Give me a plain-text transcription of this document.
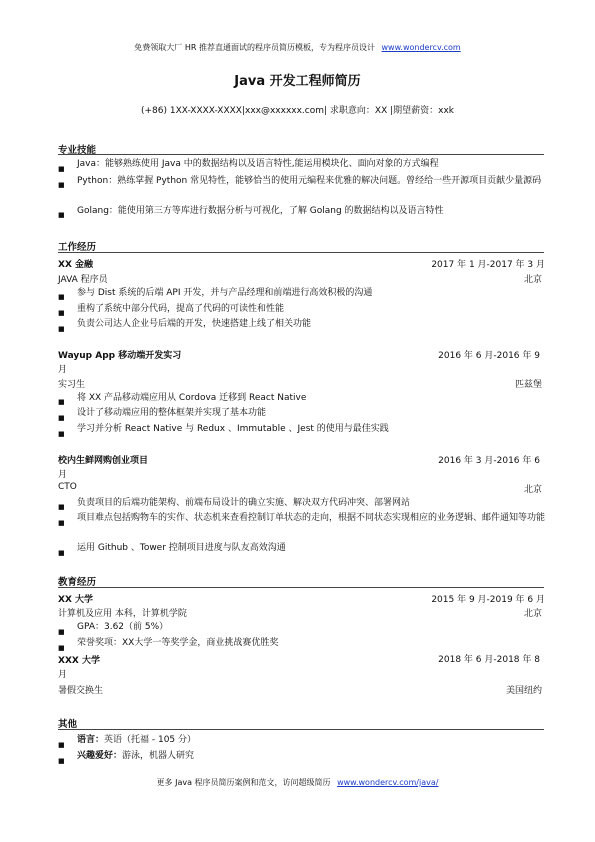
免费领取大厂 HR 推荐直通面试的程序员简历模板，专为程序员设计 www.wondercv.com
Java 开发工程师简历
(+86) 1XX-XXXX-XXXX|xxx@xxxxxx.com| 求职意向：XX |期望薪资：xxk
专业技能
■ Java：能够熟练使用 Java 中的数据结构以及语言特性,能运用模块化、面向对象的方式编程
■ Python：熟练掌握 Python 常见特性，能够恰当的使用元编程来优雅的解决问题。曾经给一些开源项目贡献少量源码
■ Golang：能使用第三方等库进行数据分析与可视化，了解 Golang 的数据结构以及语言特性
工作经历
XX 金融	2017 年 1 月-2017 年 3 月
JAVA 程序员	北京
■ 参与 Dist 系统的后端 API 开发，并与产品经理和前端进行高效积极的沟通
■ 重构了系统中部分代码，提高了代码的可读性和性能
■ 负责公司达人企业号后端的开发，快速搭建上线了相关功能
Wayup App 移动端开发实习	2016 年 6 月-2016 年 9
月
实习生	匹兹堡
■ 将 XX 产品移动端应用从 Cordova 迁移到 React Native
■ 设计了移动端应用的整体框架并实现了基本功能
■ 学习并分析 React Native 与 Redux 、Immutable 、Jest 的使用与最佳实践
校内生鲜网购创业项目	2016 年 3 月-2016 年 6
月
CTO	北京
■ 负责项目的后端功能架构、前端布局设计的确立实施、解决双方代码冲突、部署网站
■ 项目难点包括购物车的实作、状态机来查看控制订单状态的走向，根据不同状态实现相应的业务逻辑、邮件通知等功能
■ 运用 Github 、Tower 控制项目进度与队友高效沟通
教育经历
XX 大学	2015 年 9 月-2019 年 6 月
计算机及应用 本科，计算机学院	北京
■ GPA：3.62（前 5%）
■ 荣誉奖项：XX大学一等奖学金，商业挑战赛优胜奖
XXX 大学	2018 年 6 月-2018 年 8
月
暑假交换生	美国纽约
其他
■ 语言：英语（托福 - 105 分）
■ 兴趣爱好：游泳，机器人研究
更多 Java 程序员简历案例和范文，访问超级简历 www.wondercv.com/java/
